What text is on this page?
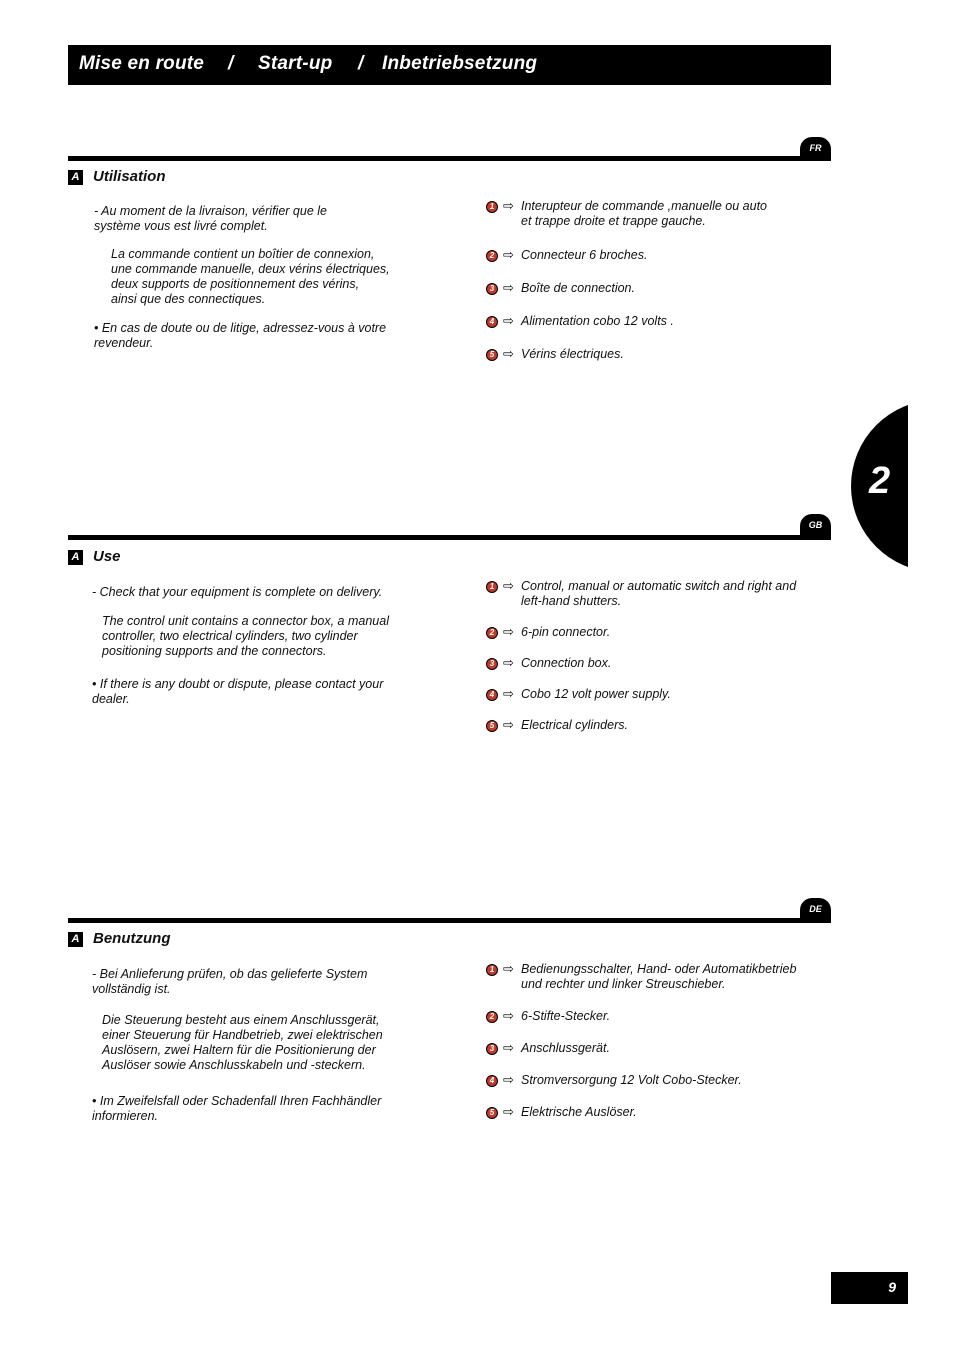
Mise en route / Start-up / Inbetriebsetzung
FR
A Utilisation

- Au moment de la livraison, vérifier que le
système vous est livré complet.

La commande contient un boîtier de connexion,
une commande manuelle, deux vérins électriques,
deux supports de positionnement des vérins,
ainsi que des connectiques.

• En cas de doute ou de litige, adressez-vous à votre
revendeur.

1 ⇨ Interupteur de commande ,manuelle ou auto
et trappe droite et trappe gauche.
2 ⇨ Connecteur 6 broches.
3 ⇨ Boîte de connection.
4 ⇨ Alimentation cobo 12 volts .
5 ⇨ Vérins électriques.
2
GB
A Use

- Check that your equipment is complete on delivery.

The control unit contains a connector box, a manual
controller, two electrical cylinders, two cylinder
positioning supports and the connectors.

• If there is any doubt or dispute, please contact your
dealer.

1 ⇨ Control, manual or automatic switch and right and
left-hand shutters.
2 ⇨ 6-pin connector.
3 ⇨ Connection box.
4 ⇨ Cobo 12 volt power supply.
5 ⇨ Electrical cylinders.
DE
A Benutzung

- Bei Anlieferung prüfen, ob das gelieferte System
vollständig ist.

Die Steuerung besteht aus einem Anschlussgerät,
einer Steuerung für Handbetrieb, zwei elektrischen
Auslösern, zwei Haltern für die Positionierung der
Auslöser sowie Anschlusskabeln und -steckern.

• Im Zweifelsfall oder Schadenfall Ihren Fachhändler
informieren.

1 ⇨ Bedienungsschalter, Hand- oder Automatikbetrieb
und rechter und linker Streuschieber.
2 ⇨ 6-Stifte-Stecker.
3 ⇨ Anschlussgerät.
4 ⇨ Stromversorgung 12 Volt Cobo-Stecker.
5 ⇨ Elektrische Auslöser.
9
